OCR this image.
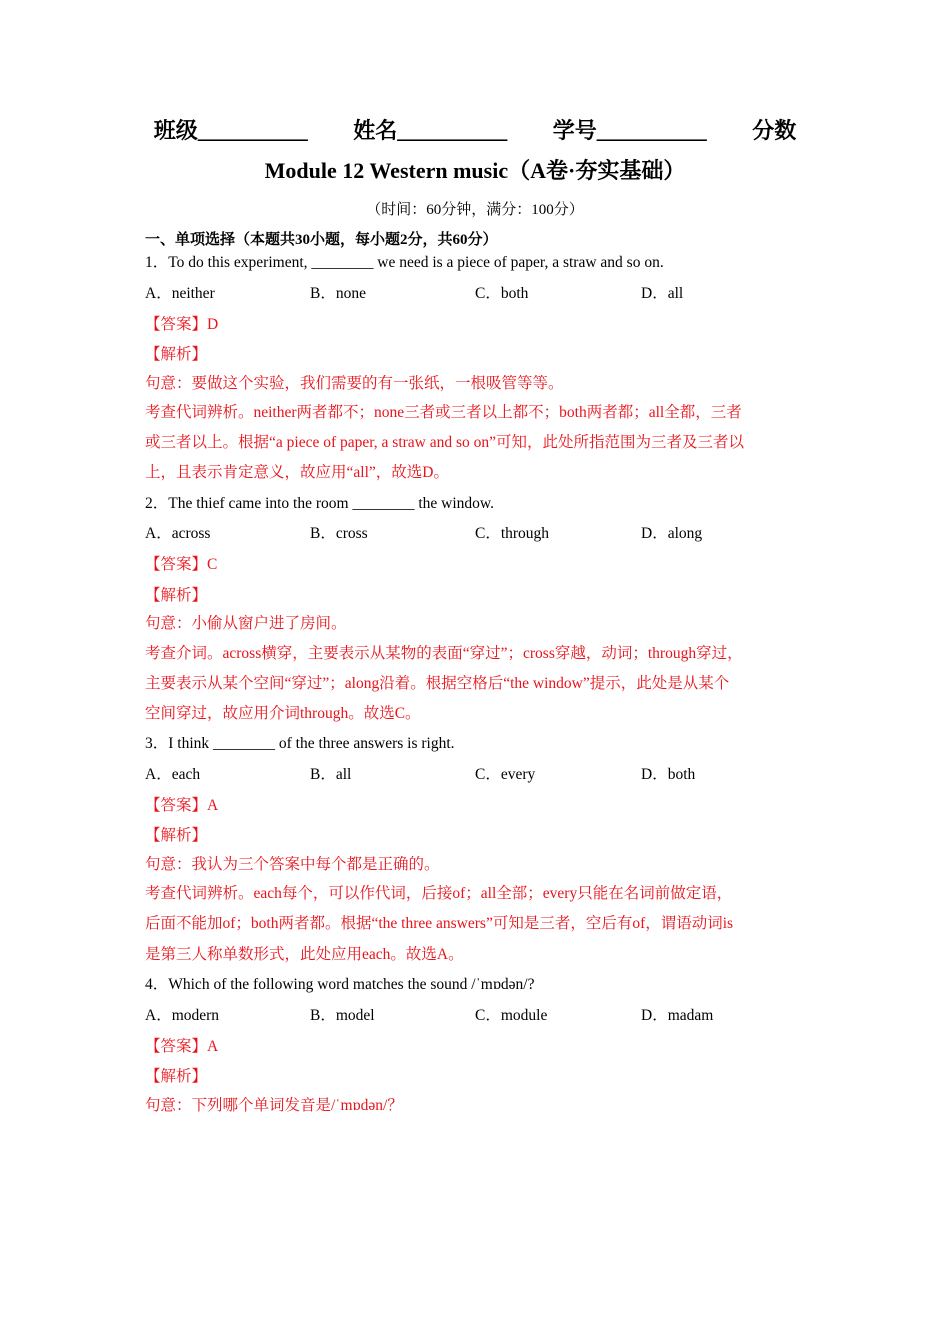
班级__________ 姓名__________ 学号__________ 分数
Module 12 Western music（A卷·夯实基础）
（时间：60分钟，满分：100分）
一、单项选择（本题共30小题，每小题2分，共60分）
1．To do this experiment, ________ we need is a piece of paper, a straw and so on.
A．neither	B．none	C．both	D．all
【答案】D
【解析】
句意：要做这个实验，我们需要的有一张纸，一根吸管等等。
考查代词辨析。neither两者都不；none三者或三者以上都不；both两者都；all全都，三者
或三者以上。根据“a piece of paper, a straw and so on”可知，此处所指范围为三者及三者以
上，且表示肯定意义，故应用“all”，故选D。
2．The thief came into the room ________ the window.
A．across	B．cross	C．through	D．along
【答案】C
【解析】
句意：小偷从窗户进了房间。
考查介词。across横穿，主要表示从某物的表面“穿过”；cross穿越，动词；through穿过，
主要表示从某个空间“穿过”；along沿着。根据空格后“the window”提示，此处是从某个
空间穿过，故应用介词through。故选C。
3．I think ________ of the three answers is right.
A．each	B．all	C．every	D．both
【答案】A
【解析】
句意：我认为三个答案中每个都是正确的。
考查代词辨析。each每个，可以作代词，后接of；all全部；every只能在名词前做定语，
后面不能加of；both两者都。根据“the three answers”可知是三者，空后有of，谓语动词is
是第三人称单数形式，此处应用each。故选A。
4．Which of the following word matches the sound /ˈmɒdən/?
A．modern	B．model	C．module	D．madam
【答案】A
【解析】
句意：下列哪个单词发音是/ˈmɒdən/？
